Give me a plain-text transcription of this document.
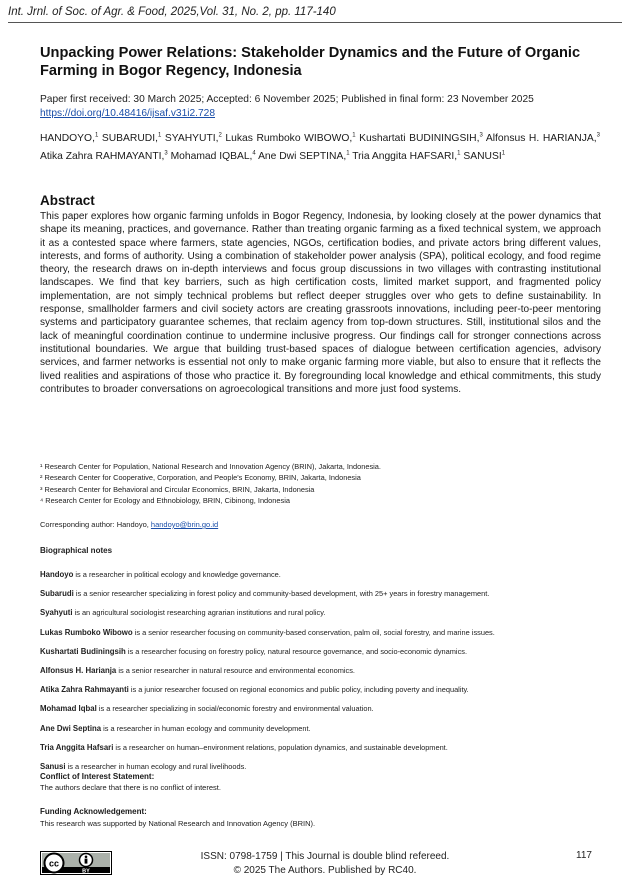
Int. Jrnl. of Soc. of Agr. & Food, 2025,Vol. 31, No. 2, pp. 117-140
Unpacking Power Relations: Stakeholder Dynamics and the Future of Organic Farming in Bogor Regency, Indonesia
Paper first received: 30 March 2025; Accepted: 6 November 2025; Published in final form: 23 November 2025
https://doi.org/10.48416/ijsaf.v31i2.728
HANDOYO,$^1$ SUBARUDI,$^1$ SYAHYUTI,$^2$ Lukas Rumboko WIBOWO,$^1$ Kushartati BUDININGSIH,$^3$ Alfonsus H. HARIANJA,$^3$ Atika Zahra RAHMAYANTI,$^3$ Mohamad IQBAL,$^4$ Ane Dwi SEPTINA,$^1$ Tria Anggita HAFSARI,$^1$ SANUSI$^1$
Abstract
This paper explores how organic farming unfolds in Bogor Regency, Indonesia, by looking closely at the power dynamics that shape its meaning, practices, and governance. Rather than treating organic farming as a fixed technical system, we approach it as a contested space where farmers, state agencies, NGOs, certification bodies, and private actors bring different values, interests, and forms of authority. Using a combination of stakeholder power analysis (SPA), political ecology, and food regime theory, the research draws on in-depth interviews and focus group discussions in two villages with contrasting institutional landscapes. We find that key barriers, such as high certification costs, limited market support, and fragmented policy implementation, are not simply technical problems but reflect deeper struggles over who gets to define sustainability. In response, smallholder farmers and civil society actors are creating grassroots innovations, including peer-to-peer mentoring systems and participatory guarantee schemes, that reclaim agency from top-down structures. Still, institutional silos and the lack of meaningful coordination continue to undermine inclusive progress. Our findings call for stronger connections across institutional boundaries. We argue that building trust-based spaces of dialogue between certification agencies, advisory services, and farmer networks is essential not only to make organic farming more viable, but also to ensure that it reflects the lived realities and aspirations of those who practice it. By foregrounding local knowledge and ethical commitments, this study contributes to broader conversations on agroecological transitions and more just food systems.
¹ Research Center for Population, National Research and Innovation Agency (BRIN), Jakarta, Indonesia.
² Research Center for Cooperative, Corporation, and People's Economy, BRIN, Jakarta, Indonesia
³ Research Center for Behavioral and Circular Economics, BRIN, Jakarta, Indonesia
⁴ Research Center for Ecology and Ethnobiology, BRIN, Cibinong, Indonesia
Corresponding author: Handoyo, handoyo@brin.go.id
Biographical notes
Handoyo is a researcher in political ecology and knowledge governance.
Subarudi is a senior researcher specializing in forest policy and community-based development, with 25+ years in forestry management.
Syahyuti is an agricultural sociologist researching agrarian institutions and rural policy.
Lukas Rumboko Wibowo is a senior researcher focusing on community-based conservation, palm oil, social forestry, and marine issues.
Kushartati Budiningsih is a researcher focusing on forestry policy, natural resource governance, and socio-economic dynamics.
Alfonsus H. Harianja is a senior researcher in natural resource and environmental economics.
Atika Zahra Rahmayanti is a junior researcher focused on regional economics and public policy, including poverty and inequality.
Mohamad Iqbal is a researcher specializing in social/economic forestry and environmental valuation.
Ane Dwi Septina is a researcher in human ecology and community development.
Tria Anggita Hafsari is a researcher on human–environment relations, population dynamics, and sustainable development.
Sanusi is a researcher in human ecology and rural livelihoods.
Conflict of Interest Statement:
The authors declare that there is no conflict of interest.
Funding Acknowledgement:
This research was supported by National Research and Innovation Agency (BRIN).
cc
BY
ISSN: 0798-1759 | This Journal is double blind refereed.
© 2025 The Authors. Published by RC40.
117
